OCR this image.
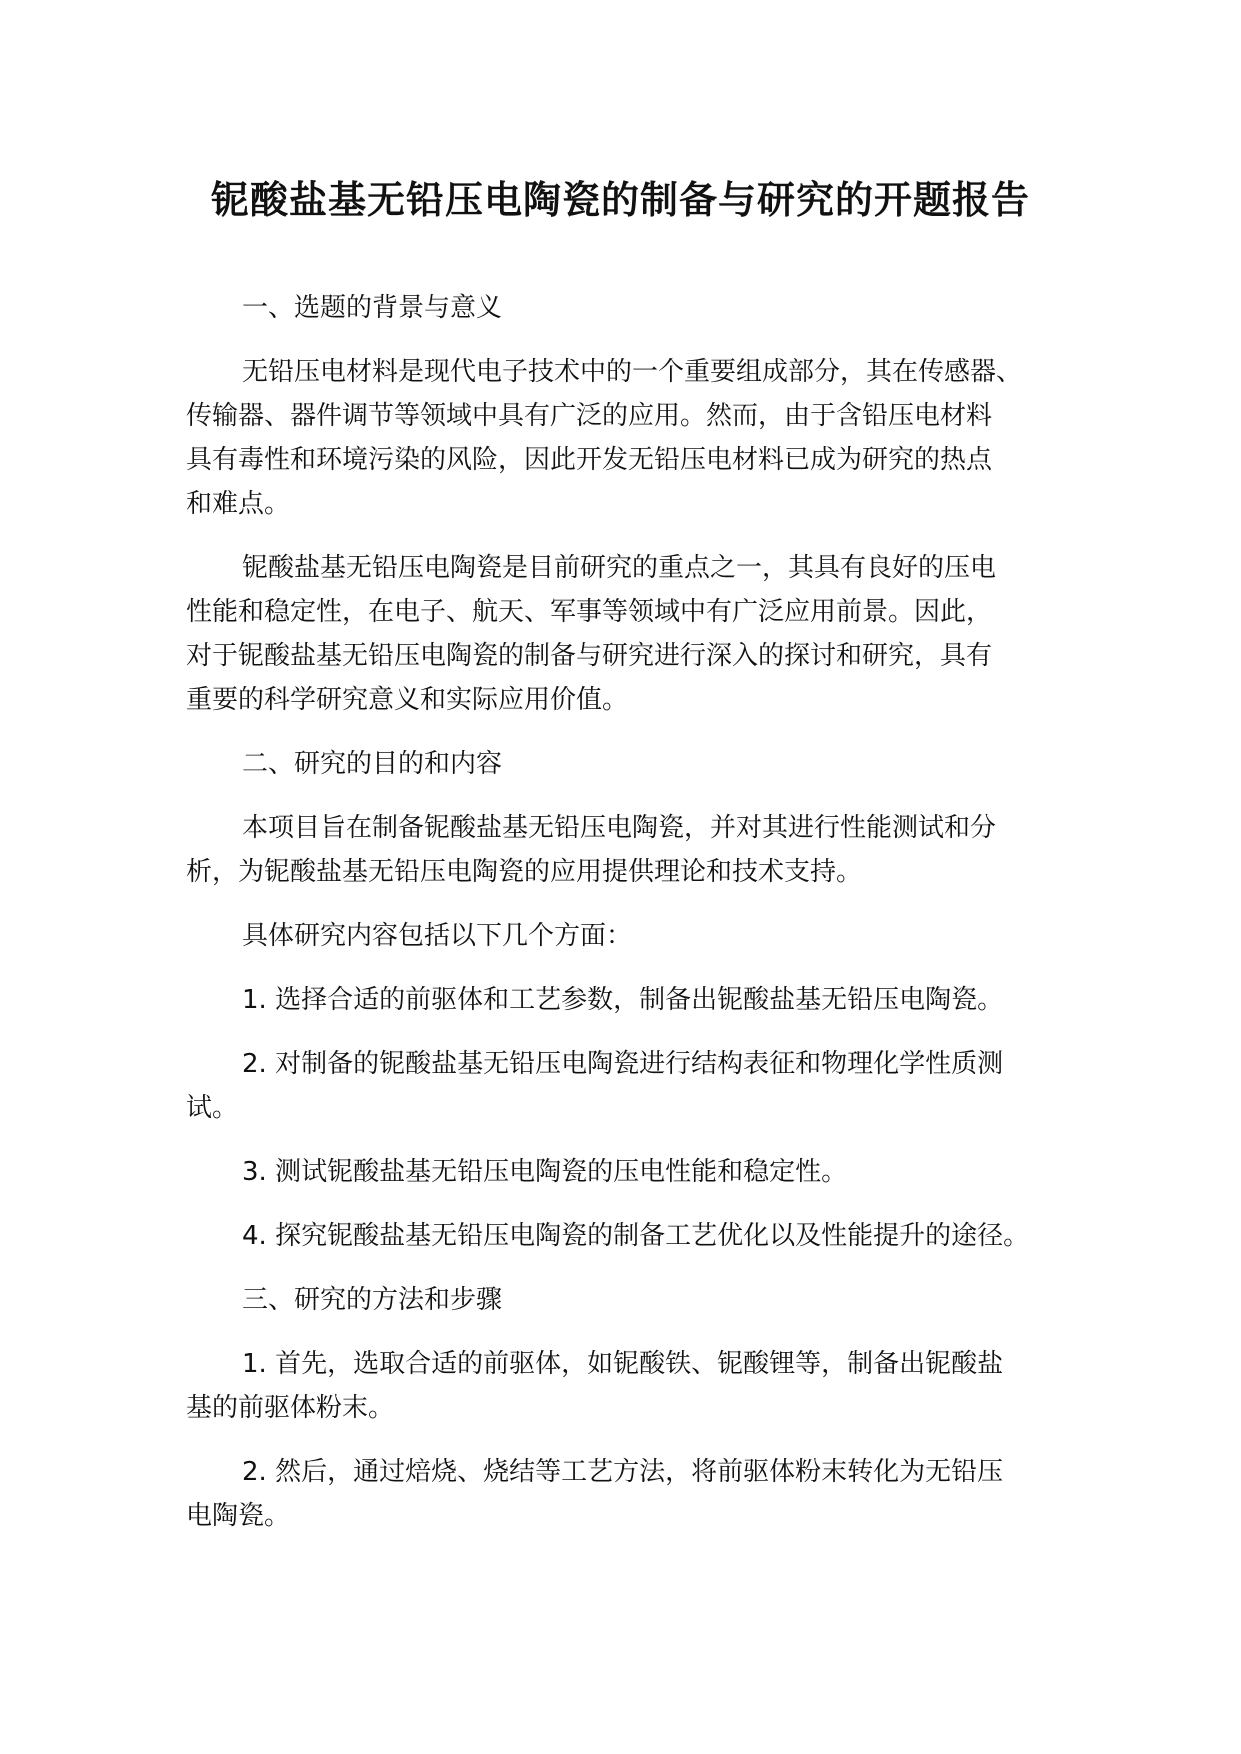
铌酸盐基无铅压电陶瓷的制备与研究的开题报告

一、选题的背景与意义

无铅压电材料是现代电子技术中的一个重要组成部分，其在传感器、
传输器、器件调节等领域中具有广泛的应用。然而，由于含铅压电材料
具有毒性和环境污染的风险，因此开发无铅压电材料已成为研究的热点
和难点。

铌酸盐基无铅压电陶瓷是目前研究的重点之一，其具有良好的压电
性能和稳定性，在电子、航天、军事等领域中有广泛应用前景。因此，
对于铌酸盐基无铅压电陶瓷的制备与研究进行深入的探讨和研究，具有
重要的科学研究意义和实际应用价值。

二、研究的目的和内容

本项目旨在制备铌酸盐基无铅压电陶瓷，并对其进行性能测试和分
析，为铌酸盐基无铅压电陶瓷的应用提供理论和技术支持。

具体研究内容包括以下几个方面：

1. 选择合适的前驱体和工艺参数，制备出铌酸盐基无铅压电陶瓷。

2. 对制备的铌酸盐基无铅压电陶瓷进行结构表征和物理化学性质测
试。

3. 测试铌酸盐基无铅压电陶瓷的压电性能和稳定性。

4. 探究铌酸盐基无铅压电陶瓷的制备工艺优化以及性能提升的途径。

三、研究的方法和步骤

1. 首先，选取合适的前驱体，如铌酸铁、铌酸锂等，制备出铌酸盐
基的前驱体粉末。

2. 然后，通过焙烧、烧结等工艺方法，将前驱体粉末转化为无铅压
电陶瓷。
